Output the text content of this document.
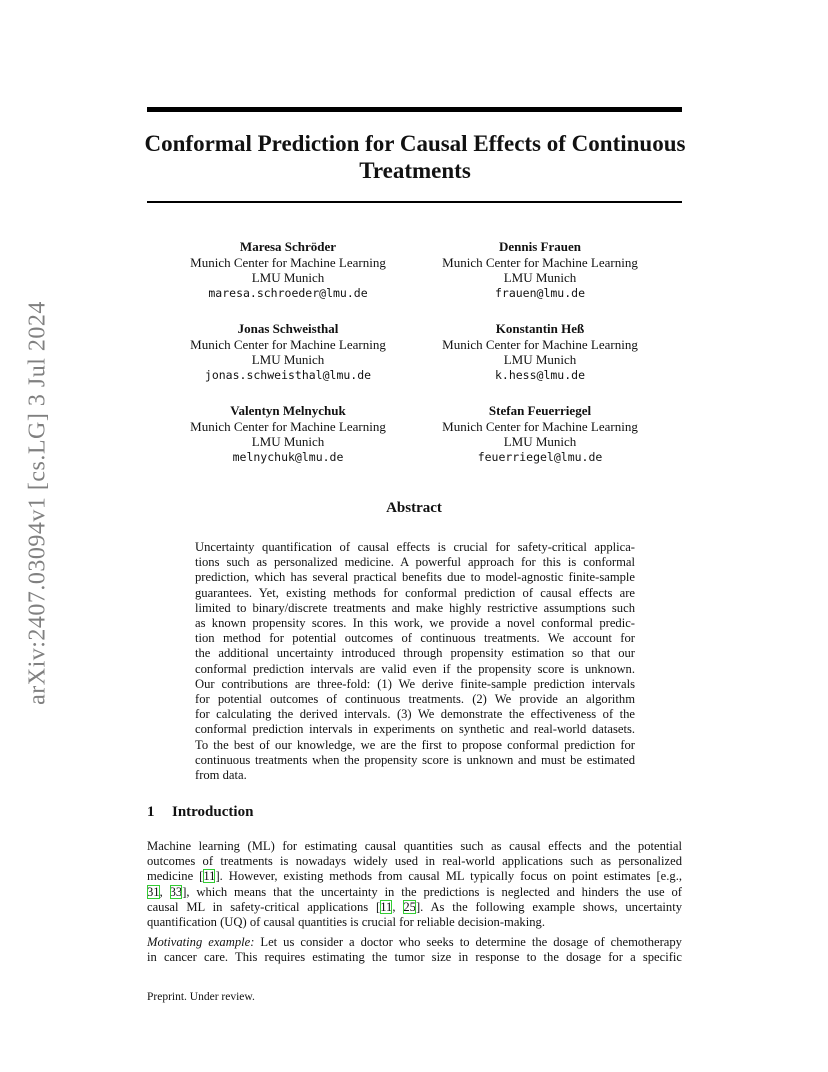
arXiv:2407.03094v1 [cs.LG] 3 Jul 2024
Conformal Prediction for Causal Effects of Continuous
Treatments
Maresa Schröder
Munich Center for Machine Learning
LMU Munich
maresa.schroeder@lmu.de
Dennis Frauen
Munich Center for Machine Learning
LMU Munich
frauen@lmu.de
Jonas Schweisthal
Munich Center for Machine Learning
LMU Munich
jonas.schweisthal@lmu.de
Konstantin Heß
Munich Center for Machine Learning
LMU Munich
k.hess@lmu.de
Valentyn Melnychuk
Munich Center for Machine Learning
LMU Munich
melnychuk@lmu.de
Stefan Feuerriegel
Munich Center for Machine Learning
LMU Munich
feuerriegel@lmu.de
Abstract
Uncertainty quantification of causal effects is crucial for safety-critical applica-
tions such as personalized medicine. A powerful approach for this is conformal
prediction, which has several practical benefits due to model-agnostic finite-sample
guarantees. Yet, existing methods for conformal prediction of causal effects are
limited to binary/discrete treatments and make highly restrictive assumptions such
as known propensity scores. In this work, we provide a novel conformal predic-
tion method for potential outcomes of continuous treatments. We account for
the additional uncertainty introduced through propensity estimation so that our
conformal prediction intervals are valid even if the propensity score is unknown.
Our contributions are three-fold: (1) We derive finite-sample prediction intervals
for potential outcomes of continuous treatments. (2) We provide an algorithm
for calculating the derived intervals. (3) We demonstrate the effectiveness of the
conformal prediction intervals in experiments on synthetic and real-world datasets.
To the best of our knowledge, we are the first to propose conformal prediction for
continuous treatments when the propensity score is unknown and must be estimated
from data.
1 Introduction
Machine learning (ML) for estimating causal quantities such as causal effects and the potential
outcomes of treatments is nowadays widely used in real-world applications such as personalized
medicine [11]. However, existing methods from causal ML typically focus on point estimates [e.g.,
31, 33], which means that the uncertainty in the predictions is neglected and hinders the use of
causal ML in safety-critical applications [11, 25]. As the following example shows, uncertainty
quantification (UQ) of causal quantities is crucial for reliable decision-making.
Motivating example: Let us consider a doctor who seeks to determine the dosage of chemotherapy
in cancer care. This requires estimating the tumor size in response to the dosage for a specific
Preprint. Under review.
